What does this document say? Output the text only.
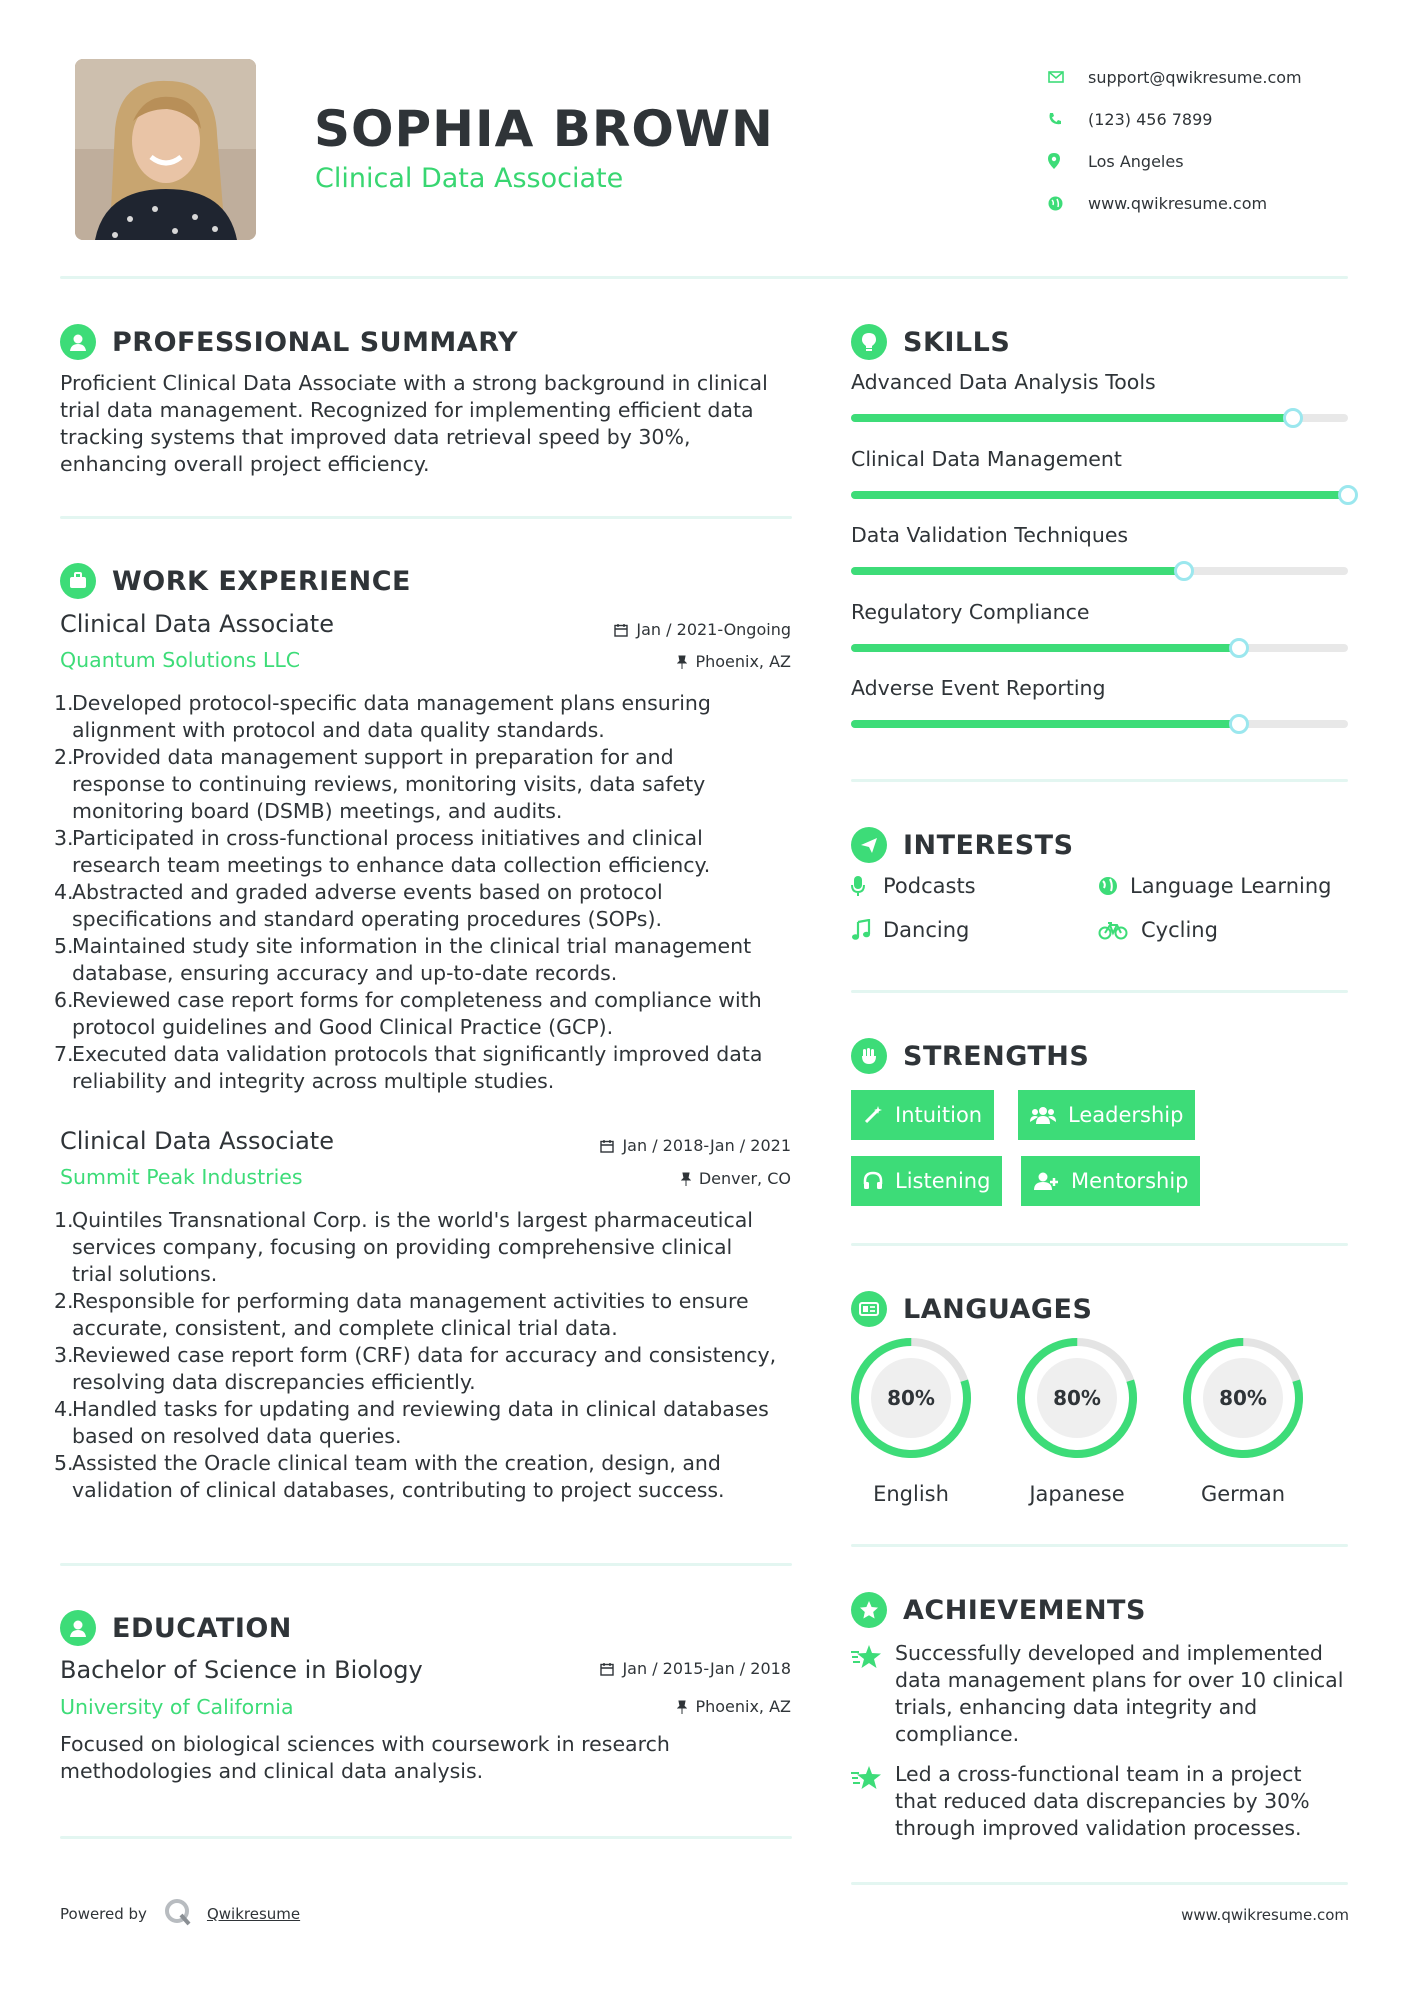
SOPHIA BROWN
Clinical Data Associate
support@qwikresume.com
(123) 456 7899
Los Angeles
www.qwikresume.com
PROFESSIONAL SUMMARY
Proficient Clinical Data Associate with a strong background in clinical
trial data management. Recognized for implementing efficient data
tracking systems that improved data retrieval speed by 30%,
enhancing overall project efficiency.
WORK EXPERIENCE
Clinical Data Associate	Jan / 2021-Ongoing
Quantum Solutions LLC	Phoenix, AZ
1.
Developed protocol-specific data management plans ensuring
alignment with protocol and data quality standards.
2.
Provided data management support in preparation for and
response to continuing reviews, monitoring visits, data safety
monitoring board (DSMB) meetings, and audits.
3.
Participated in cross-functional process initiatives and clinical
research team meetings to enhance data collection efficiency.
4.
Abstracted and graded adverse events based on protocol
specifications and standard operating procedures (SOPs).
5.
Maintained study site information in the clinical trial management
database, ensuring accuracy and up-to-date records.
6.
Reviewed case report forms for completeness and compliance with
protocol guidelines and Good Clinical Practice (GCP).
7.
Executed data validation protocols that significantly improved data
reliability and integrity across multiple studies.
Clinical Data Associate	Jan / 2018-Jan / 2021
Summit Peak Industries	Denver, CO
1.
Quintiles Transnational Corp. is the world's largest pharmaceutical
services company, focusing on providing comprehensive clinical
trial solutions.
2.
Responsible for performing data management activities to ensure
accurate, consistent, and complete clinical trial data.
3.
Reviewed case report form (CRF) data for accuracy and consistency,
resolving data discrepancies efficiently.
4.
Handled tasks for updating and reviewing data in clinical databases
based on resolved data queries.
5.
Assisted the Oracle clinical team with the creation, design, and
validation of clinical databases, contributing to project success.
EDUCATION
Bachelor of Science in Biology	Jan / 2015-Jan / 2018
University of California	Phoenix, AZ
Focused on biological sciences with coursework in research
methodologies and clinical data analysis.
SKILLS
Advanced Data Analysis Tools
Clinical Data Management
Data Validation Techniques
Regulatory Compliance
Adverse Event Reporting
INTERESTS
Podcasts	Language Learning
Dancing	Cycling
STRENGTHS
Intuition	Leadership
Listening	Mentorship
LANGUAGES
80%
English
80%
Japanese
80%
German
ACHIEVEMENTS
Successfully developed and implemented
data management plans for over 10 clinical
trials, enhancing data integrity and
compliance.
Led a cross-functional team in a project
that reduced data discrepancies by 30%
through improved validation processes.
Powered by	Qwikresume	www.qwikresume.com
